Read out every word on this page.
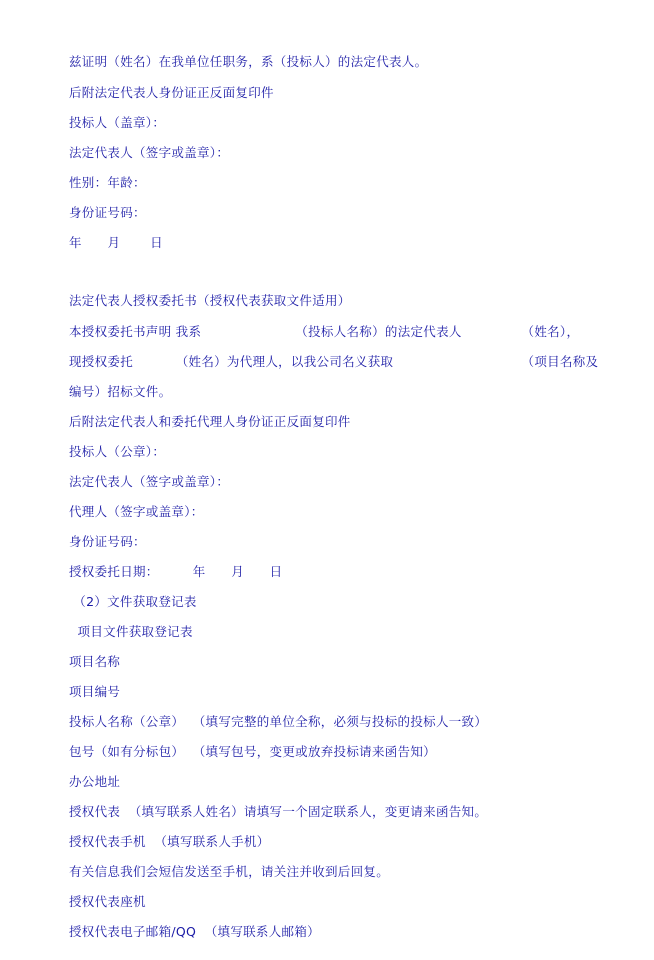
兹证明（姓名）在我单位任职务，系（投标人）的法定代表人。
后附法定代表人身份证正反面复印件
投标人（盖章）：
法定代表人（签字或盖章）：
性别：年龄：
身份证号码：
年      月       日
法定代表人授权委托书（授权代表获取文件适用）
本授权委托书声明 我系                      （投标人名称）的法定代表人              （姓名），
现授权委托          （姓名）为代理人，以我公司名义获取                              （项目名称及
编号）招标文件。
后附法定代表人和委托代理人身份证正反面复印件
投标人（公章）：
法定代表人（签字或盖章）：
代理人（签字或盖章）：
身份证号码：
授权委托日期：        年      月      日
（2）文件获取登记表
项目文件获取登记表
项目名称
项目编号
投标人名称（公章）  （填写完整的单位全称，必须与投标的投标人一致）
包号（如有分标包）  （填写包号，变更或放弃投标请来函告知）
办公地址
授权代表  （填写联系人姓名）请填写一个固定联系人，变更请来函告知。
授权代表手机  （填写联系人手机）
有关信息我们会短信发送至手机，请关注并收到后回复。
授权代表座机
授权代表电子邮箱/QQ  （填写联系人邮箱）
